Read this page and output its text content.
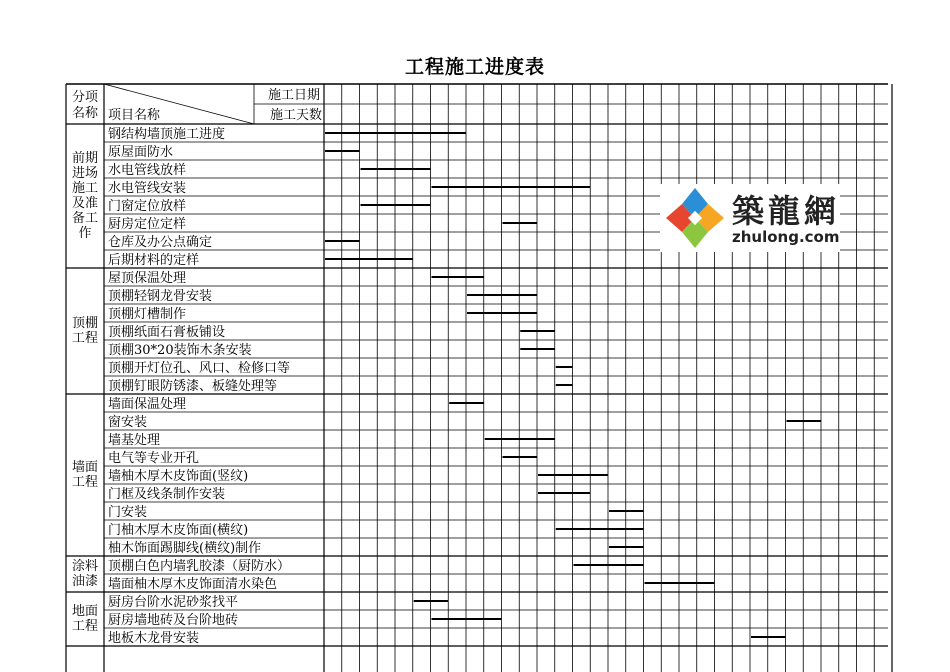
工程施工进度表
分项
名称 项目名称
施工日期
施工天数
前期
进场
施工
及准
备工
作
顶棚
工程
墙面
工程
涂料
油漆
地面
工程
钢结构墙顶施工进度
原屋面防水
水电管线放样
水电管线安装
门窗定位放样
厨房定位定样
仓库及办公点确定
后期材料的定样
屋顶保温处理
顶棚轻钢龙骨安装
顶棚灯槽制作
顶棚纸面石膏板铺设
顶棚30*20装饰木条安装
顶棚开灯位孔、风口、检修口等
顶棚钉眼防锈漆、板缝处理等
墙面保温处理
窗安装
墙基处理
电气等专业开孔
墙柚木厚木皮饰面(竖纹)
门框及线条制作安装
门安装
门柚木厚木皮饰面(横纹)
柚木饰面踢脚线(横纹)制作
顶棚白色内墙乳胶漆（厨防水）
墙面柚木厚木皮饰面清水染色
厨房台阶水泥砂浆找平
厨房墙地砖及台阶地砖
地板木龙骨安装
築龍網
zhulong.com
